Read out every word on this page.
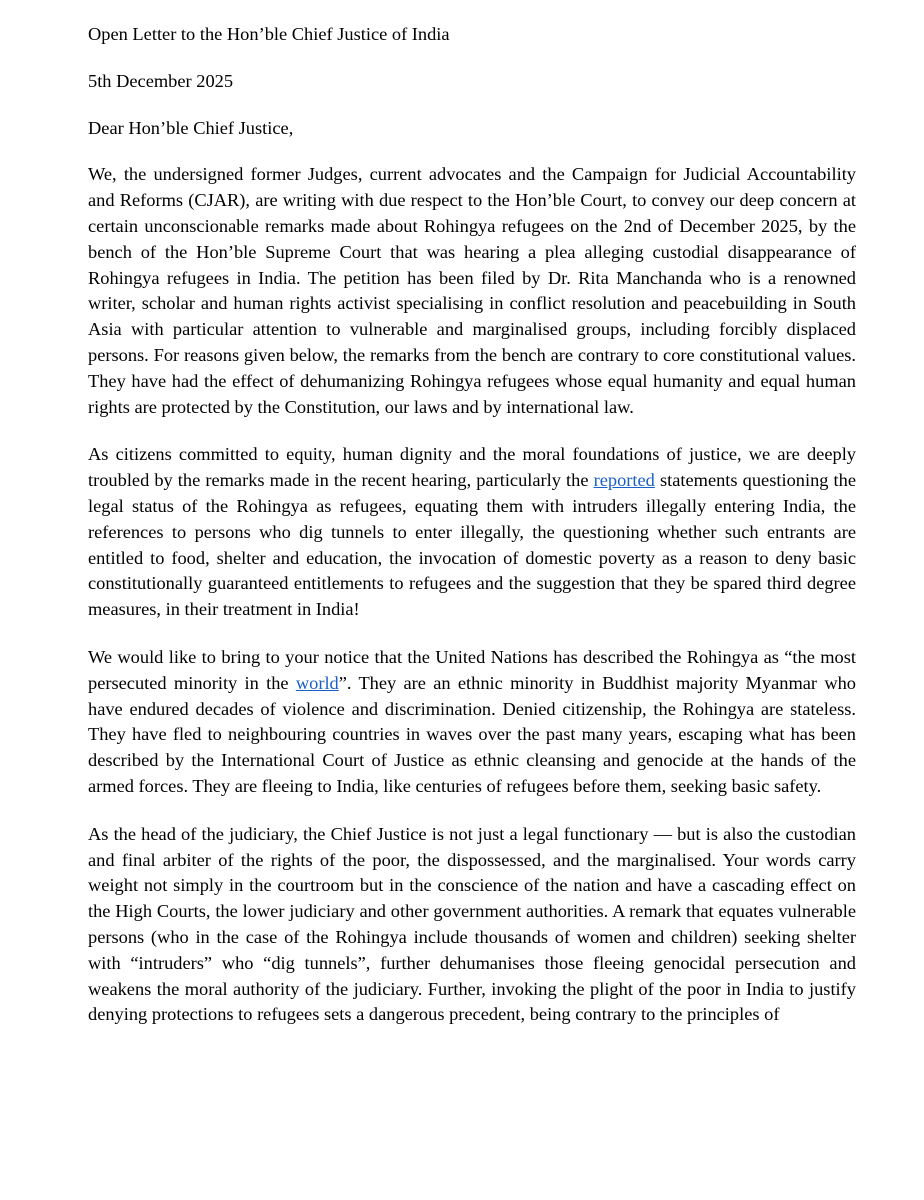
Open Letter to the Hon’ble Chief Justice of India

5th December 2025

Dear Hon’ble Chief Justice,

We, the undersigned former Judges, current advocates and the Campaign for Judicial Accountability and Reforms (CJAR), are writing with due respect to the Hon’ble Court, to convey our deep concern at certain unconscionable remarks made about Rohingya refugees on the 2nd of December 2025, by the bench of the Hon’ble Supreme Court that was hearing a plea alleging custodial disappearance of Rohingya refugees in India. The petition has been filed by Dr. Rita Manchanda who is a renowned writer, scholar and human rights activist specialising in conflict resolution and peacebuilding in South Asia with particular attention to vulnerable and marginalised groups, including forcibly displaced persons. For reasons given below, the remarks from the bench are contrary to core constitutional values. They have had the effect of dehumanizing Rohingya refugees whose equal humanity and equal human rights are protected by the Constitution, our laws and by international law.

As citizens committed to equity, human dignity and the moral foundations of justice, we are deeply troubled by the remarks made in the recent hearing, particularly the reported statements questioning the legal status of the Rohingya as refugees, equating them with intruders illegally entering India, the references to persons who dig tunnels to enter illegally, the questioning whether such entrants are entitled to food, shelter and education, the invocation of domestic poverty as a reason to deny basic constitutionally guaranteed entitlements to refugees and the suggestion that they be spared third degree measures, in their treatment in India!

We would like to bring to your notice that the United Nations has described the Rohingya as “the most persecuted minority in the world”. They are an ethnic minority in Buddhist majority Myanmar who have endured decades of violence and discrimination. Denied citizenship, the Rohingya are stateless. They have fled to neighbouring countries in waves over the past many years, escaping what has been described by the International Court of Justice as ethnic cleansing and genocide at the hands of the armed forces. They are fleeing to India, like centuries of refugees before them, seeking basic safety.

As the head of the judiciary, the Chief Justice is not just a legal functionary — but is also the custodian and final arbiter of the rights of the poor, the dispossessed, and the marginalised. Your words carry weight not simply in the courtroom but in the conscience of the nation and have a cascading effect on the High Courts, the lower judiciary and other government authorities. A remark that equates vulnerable persons (who in the case of the Rohingya include thousands of women and children) seeking shelter with “intruders” who “dig tunnels”, further dehumanises those fleeing genocidal persecution and weakens the moral authority of the judiciary. Further, invoking the plight of the poor in India to justify denying protections to refugees sets a dangerous precedent, being contrary to the principles of
